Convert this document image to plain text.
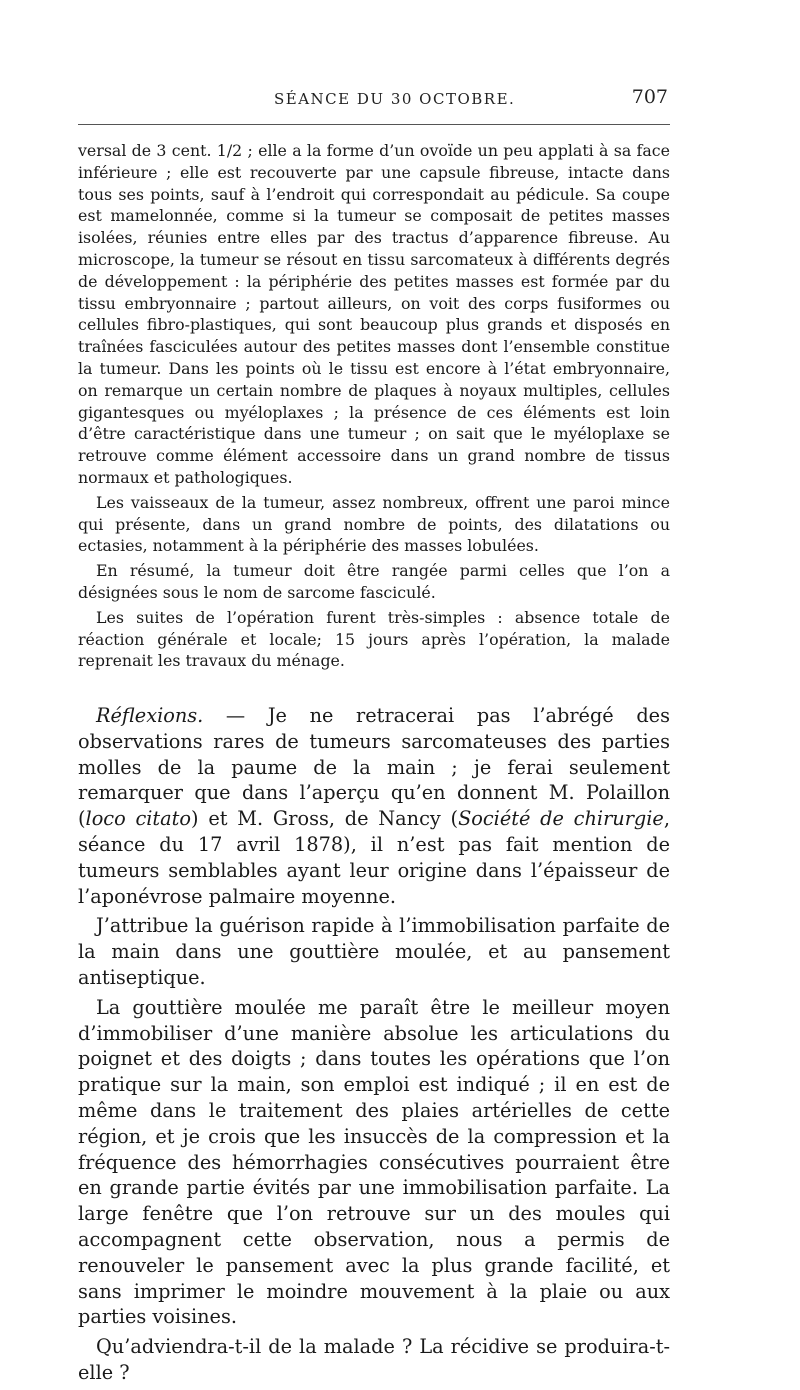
SÉANCE DU 30 OCTOBRE.	707

versal de 3 cent. 1/2 ; elle a la forme d’un ovoïde un peu applati à sa face inférieure ; elle est recouverte par une capsule fibreuse, intacte dans tous ses points, sauf à l’endroit qui correspondait au pédicule. Sa coupe est mamelonnée, comme si la tumeur se composait de petites masses isolées, réunies entre elles par des tractus d’apparence fibreuse. Au microscope, la tumeur se résout en tissu sarcomateux à différents degrés de développement : la périphérie des petites masses est formée par du tissu embryonnaire ; partout ailleurs, on voit des corps fusiformes ou cellules fibro-plastiques, qui sont beaucoup plus grands et disposés en traînées fasciculées autour des petites masses dont l’ensemble constitue la tumeur. Dans les points où le tissu est encore à l’état embryonnaire, on remarque un certain nombre de plaques à noyaux multiples, cellules gigantesques ou myéloplaxes ; la présence de ces éléments est loin d’être caractéristique dans une tumeur ; on sait que le myéloplaxe se retrouve comme élément accessoire dans un grand nombre de tissus normaux et pathologiques.

Les vaisseaux de la tumeur, assez nombreux, offrent une paroi mince qui présente, dans un grand nombre de points, des dilatations ou ectasies, notamment à la périphérie des masses lobulées.

En résumé, la tumeur doit être rangée parmi celles que l’on a désignées sous le nom de sarcome fasciculé.

Les suites de l’opération furent très-simples : absence totale de réaction générale et locale; 15 jours après l’opération, la malade reprenait les travaux du ménage.

Réflexions. — Je ne retracerai pas l’abrégé des observations rares de tumeurs sarcomateuses des parties molles de la paume de la main ; je ferai seulement remarquer que dans l’aperçu qu’en donnent M. Polaillon (loco citato) et M. Gross, de Nancy (Société de chirurgie, séance du 17 avril 1878), il n’est pas fait mention de tumeurs semblables ayant leur origine dans l’épaisseur de l’aponévrose palmaire moyenne.

J’attribue la guérison rapide à l’immobilisation parfaite de la main dans une gouttière moulée, et au pansement antiseptique.

La gouttière moulée me paraît être le meilleur moyen d’immobiliser d’une manière absolue les articulations du poignet et des doigts ; dans toutes les opérations que l’on pratique sur la main, son emploi est indiqué ; il en est de même dans le traitement des plaies artérielles de cette région, et je crois que les insuccès de la compression et la fréquence des hémorrhagies consécutives pourraient être en grande partie évités par une immobilisation parfaite. La large fenêtre que l’on retrouve sur un des moules qui accompagnent cette observation, nous a permis de renouveler le pansement avec la plus grande facilité, et sans imprimer le moindre mouvement à la plaie ou aux parties voisines.

Qu’adviendra-t-il de la malade ? La récidive se produira-t-elle ?
